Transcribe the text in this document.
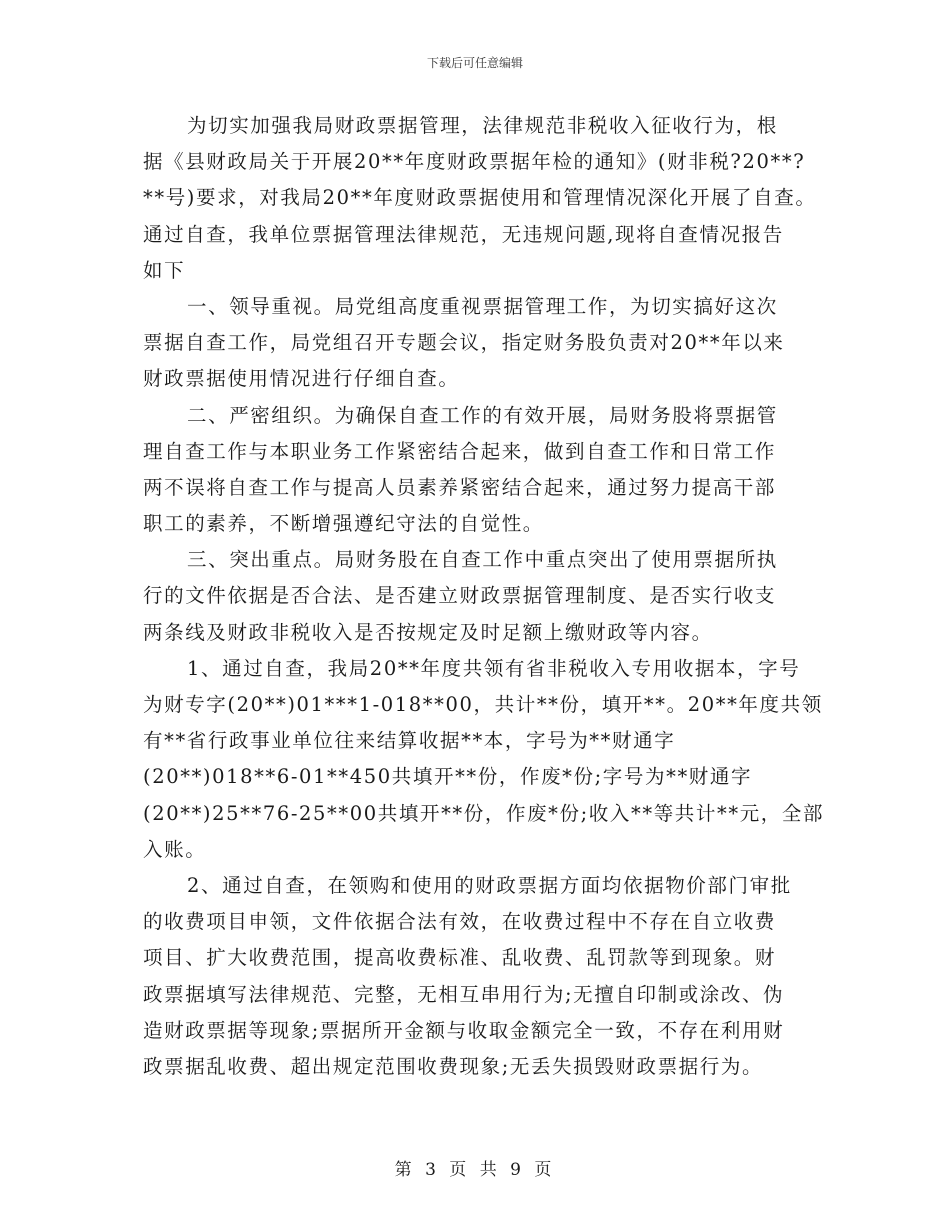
下载后可任意编辑
为切实加强我局财政票据管理，法律规范非税收入征收行为，根
据《县财政局关于开展20**年度财政票据年检的通知》(财非税?20**?
**号)要求，对我局20**年度财政票据使用和管理情况深化开展了自查。
通过自查，我单位票据管理法律规范，无违规问题,现将自查情况报告
如下
一、领导重视。局党组高度重视票据管理工作，为切实搞好这次
票据自查工作，局党组召开专题会议，指定财务股负责对20**年以来
财政票据使用情况进行仔细自查。
二、严密组织。为确保自查工作的有效开展，局财务股将票据管
理自查工作与本职业务工作紧密结合起来，做到自查工作和日常工作
两不误将自查工作与提高人员素养紧密结合起来，通过努力提高干部
职工的素养，不断增强遵纪守法的自觉性。
三、突出重点。局财务股在自查工作中重点突出了使用票据所执
行的文件依据是否合法、是否建立财政票据管理制度、是否实行收支
两条线及财政非税收入是否按规定及时足额上缴财政等内容。
1、通过自查，我局20**年度共领有省非税收入专用收据本，字号
为财专字(20**)01***1-018**00，共计**份，填开**。20**年度共领
有**省行政事业单位往来结算收据**本，字号为**财通字
(20**)018**6-01**450共填开**份，作废*份;字号为**财通字
(20**)25**76-25**00共填开**份，作废*份;收入**等共计**元，全部
入账。
2、通过自查，在领购和使用的财政票据方面均依据物价部门审批
的收费项目申领，文件依据合法有效，在收费过程中不存在自立收费
项目、扩大收费范围，提高收费标准、乱收费、乱罚款等到现象。财
政票据填写法律规范、完整，无相互串用行为;无擅自印制或涂改、伪
造财政票据等现象;票据所开金额与收取金额完全一致，不存在利用财
政票据乱收费、超出规定范围收费现象;无丢失损毁财政票据行为。
第 3 页 共 9 页
